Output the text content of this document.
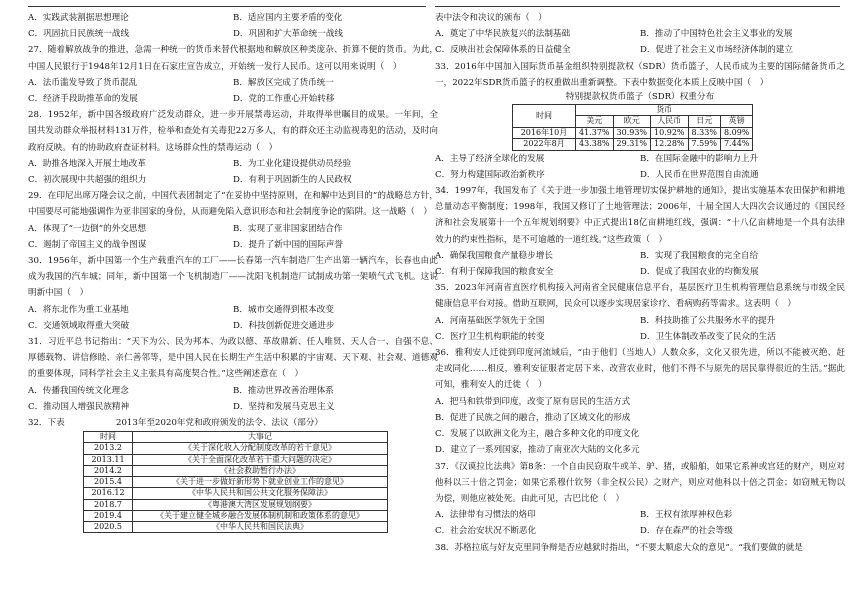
A．实践武装割据思想理论	B．适应国内主要矛盾的变化
C．巩固抗日民族统一战线	D．巩固和扩大革命统一战线

27．随着解放战争的推进，急需一种统一的货币来替代根据地和解放区种类庞杂、折算不便的货币。为此，中国人民银行于1948年12月1日在石家庄宣告成立，开始统一发行人民币。这可以用来说明（　）

A．法币滥发导致了货币混乱	B．解放区完成了货币统一
C．经济手段助推革命的发展	D．党的工作重心开始转移

28．1952年，新中国各级政府广泛发动群众，进一步开展禁毒运动，并取得举世瞩目的成果。一年间，全国共发动群众举报材料131万件，检举和查处有关毒犯22万多人，有的群众还主动监视毒犯的活动，及时向政府反映。有的协助政府查证材料。这场群众性的禁毒运动（　）

A．助推各地深入开展土地改革	B．为工业化建设提供动员经验
C．初次展现中共超强的组织力	D．有利于巩固新生的人民政权

29．在印尼出席万隆会议之前，中国代表团制定了“在妥协中坚持原则，在和解中达到目的”的战略总方针，中国要尽可能地强调作为亚非国家的身份，从而避免陷入意识形态和社会制度争论的陷阱。这一战略（　）

A．体现了“一边倒”的外交思想	B．实现了亚非国家团结合作
C．遏制了帝国主义的战争图谋	D．提升了新中国的国际声誉

30．1956年，新中国第一个生产载重汽车的工厂——长春第一汽车制造厂生产出第一辆汽车，长春也由此成为我国的汽车城；同年，新中国第一个飞机制造厂——沈阳飞机制造厂试制成功第一架喷气式飞机。这说明新中国（　）

A．将东北作为重工业基地	B．城市交通得到根本改变
C．交通领域取得重大突破	D．科技创新促进交通进步

31．习近平总书记指出：“天下为公、民为邦本、为政以德、革故鼎新、任人唯贤、天人合一、自强不息、厚德载物、讲信修睦、亲仁善邻等，是中国人民在长期生产生活中积累的宇宙观、天下观、社会观、道德观的重要体现，同科学社会主义主张具有高度契合性。”这些阐述意在（　）

A．传播我国传统文化理念	B．推动世界改善治理体系
C．推动国人增强民族精神	D．坚持和发展马克思主义
32．下表	2013年至2020年党和政府颁发的法令、法议（部分）
时间	大事记
2013.2	《关于深化收入分配制度改革的若干意见》
2013.11	《关于全面深化改革若干重大问题的决定》
2014.2	《社会救助暂行办法》
2015.4	《关于进一步做好新形势下就业创业工作的意见》
2016.12	《中华人民共和国公共文化服务保障法》
2018.7	《粤港澳大湾区发展规划纲要》
2019.4	《关于建立健全城乡融合发展体制机制和政策体系的意见》
2020.5	《中华人民共和国民法典》

表中法令和决议的颁布（　）

A．奠定了中华民族复兴的法制基础	B．推动了中国特色社会主义事业的发展
C．反映出社会保障体系的日益健全	D．促进了社会主义市场经济体制的建立

33．2016年中国加入国际货币基金组织特别提款权（SDR）货币篮子，人民币成为主要的国际储备货币之一，2022年SDR货币篮子的权重做出重新调整。下表中数据变化本质上反映中国（　）

特别提款权货币篮子（SDR）权重分布
时间	货币				
	美元	欧元	人民币	日元	英镑
2016年10月	41.37%	30.93%	10.92%	8.33%	8.09%
2022年8月	43.38%	29.31%	12.28%	7.59%	7.44%
A．主导了经济全球化的发展	B．在国际金融中的影响力上升
C．努力构建国际政治新秩序	D．人民币在世界范围自由流通

34．1997年，我国发布了《关于进一步加强土地管理切实保护耕地的通知》，提出实施基本农田保护和耕地总量动态平衡制度；1998年，我国又修订了土地管理法；2006年，十届全国人大四次会议通过的《国民经济和社会发展第十一个五年规划纲要》中正式提出18亿亩耕地红线，强调：“十八亿亩耕地是一个具有法律效力的约束性指标，是不可逾越的一道红线。”这些政策（　）

A．确保我国粮食产量稳步增长	B．实现了我国粮食的完全自给
C．有利于保障我国的粮食安全	D．促成了我国农业的均衡发展

35．2023年河南省直医疗机构接入河南省全民健康信息平台，基层医疗卫生机构管理信息系统与市级全民健康信息平台对接。借助互联网，民众可以逐步实现居家诊疗、看病购药等需求。这表明（　）

A．河南基础医学领先于全国	B．科技助推了公共服务水平的提升
C．医疗卫生机构职能的转变	D．卫生体制改革改变了民众的生活

36．雅利安人迁徙到印度河流域后，“由于他们（当地人）人数众多，文化又很先进，所以不能被灭绝、赶走或同化……相反，雅利安征服者定居下来、改营农业时，他们不得不与原先的居民靠得很近的生活。”据此可知，雅利安人的迁徙（　）

A．把马和铁带到印度，改变了原有居民的生活方式
B．促进了民族之间的融合，推动了区域文化的形成
C．发展了以欧洲文化为主，融合多种文化的印度文化
D．建立了一系列国家，推动了南亚次大陆的文化多元

37．《汉谟拉比法典》第8条：一个自由民窃取牛或羊、驴、猪，或船舶，如果它系神或宫廷的财产，则应对他科以三十倍之罚金；如果它系穆什钦努（非全权公民）之财产，则应对他科以十倍之罚金；如窃贼无物以为偿，则他应被处死。由此可见，古巴比伦（　）

A．法律带有习惯法的烙印	B．王权有浓厚神权色彩
C．社会治安状况不断恶化	D．存在森严的社会等级

38．苏格拉底与好友克里同争辩是否应越狱时指出，“不要太顺虑大众的意见”。“我们要做的就是
